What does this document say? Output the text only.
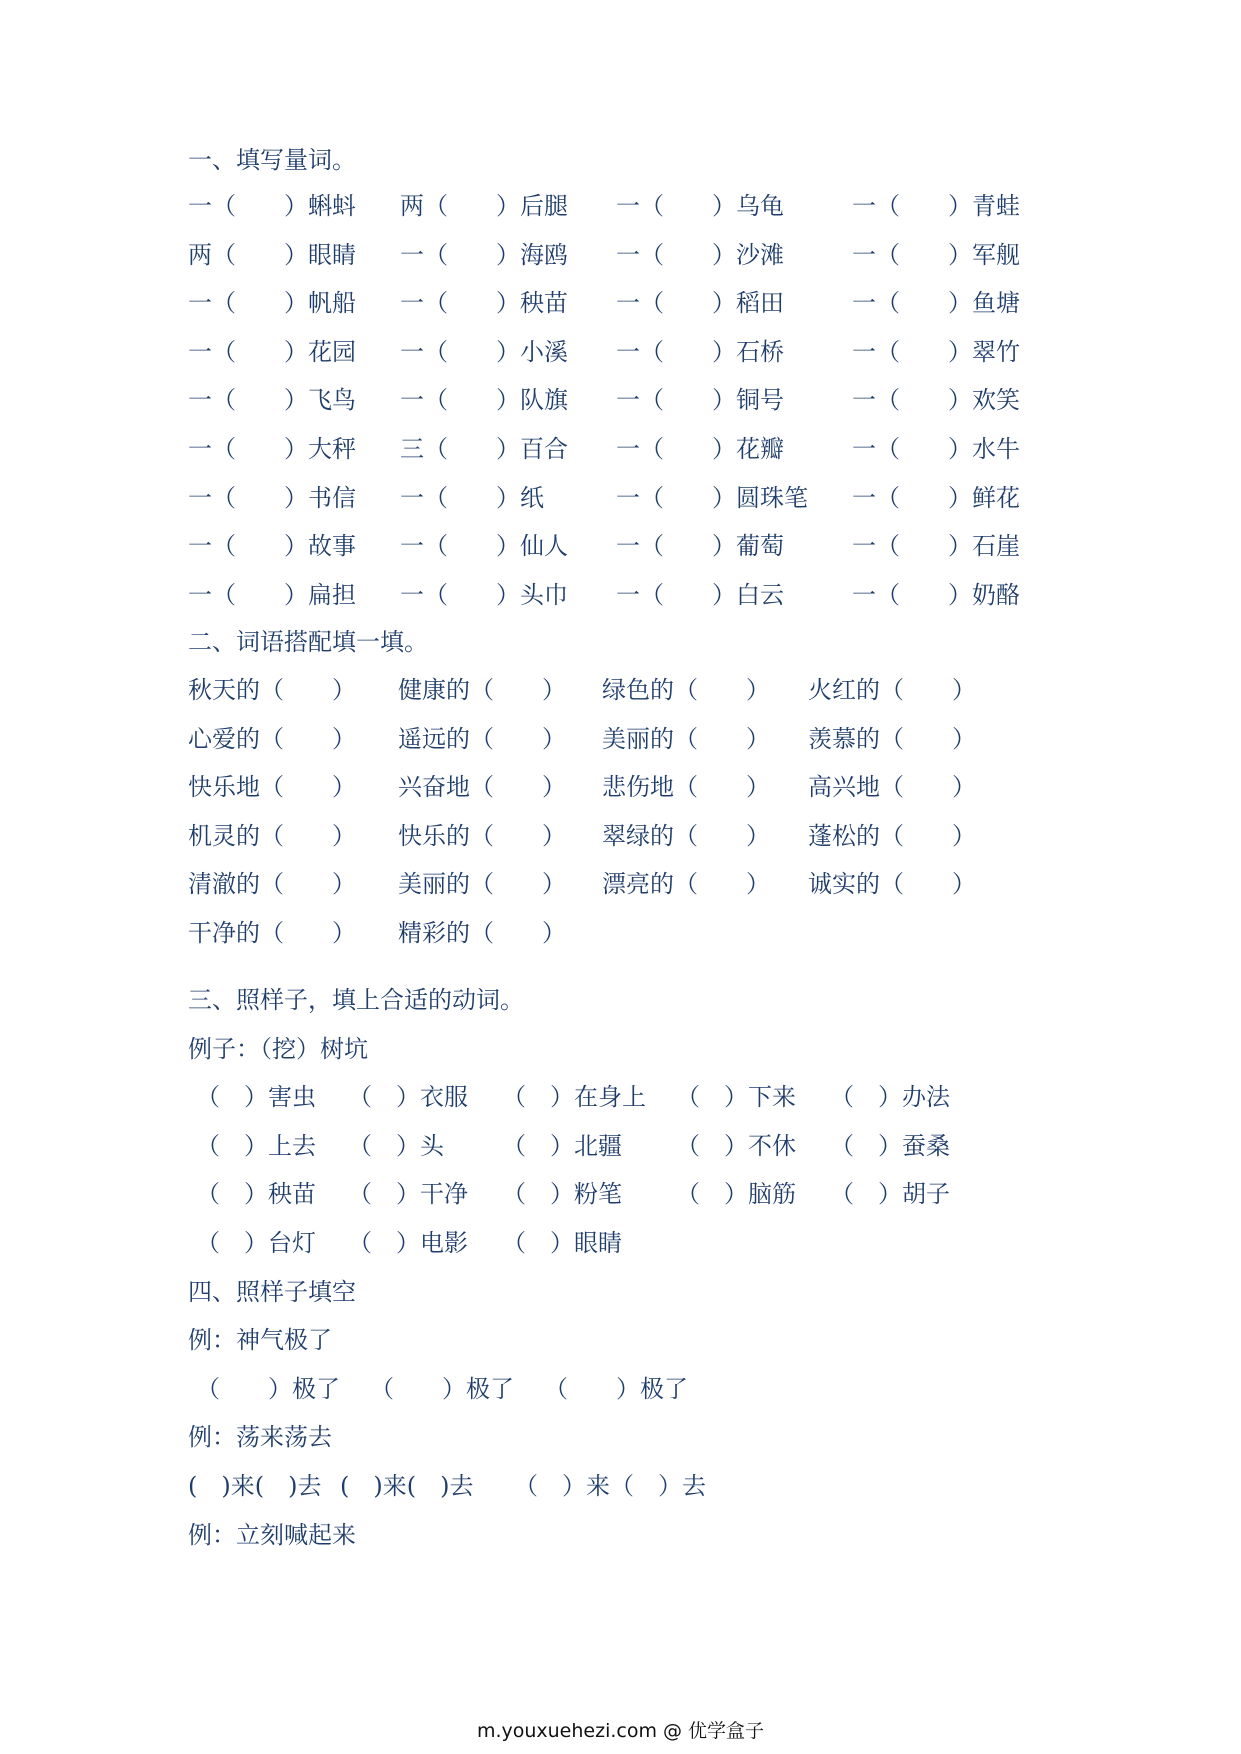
一、填写量词。
一（　　）蝌蚪 两（　　）后腿 一（　　）乌龟	一（　　）青蛙
两（　　）眼睛 一（　　）海鸥 一（　　）沙滩	一（　　）军舰
一（　　）帆船 一（　　）秧苗 一（　　）稻田	一（　　）鱼塘
一（　　）花园 一（　　）小溪 一（　　）石桥	一（　　）翠竹
一（　　）飞鸟 一（　　）队旗 一（　　）铜号	一（　　）欢笑
一（　　）大秤 三（　　）百合 一（　　）花瓣	一（　　）水牛
一（　　）书信 一（　　）纸	一（　　）圆珠笔 一（　　）鲜花
一（　　）故事 一（　　）仙人 一（　　）葡萄	一（　　）石崖
一（　　）扁担 一（　　）头巾 一（　　）白云	一（　　）奶酪
二、词语搭配填一填。
秋天的（　　） 健康的（　　） 绿色的（　　） 火红的（　　）
心爱的（　　） 遥远的（　　） 美丽的（　　） 羡慕的（　　）
快乐地（　　） 兴奋地（　　） 悲伤地（　　） 高兴地（　　）
机灵的（　　） 快乐的（　　） 翠绿的（　　） 蓬松的（　　）
清澈的（　　） 美丽的（　　） 漂亮的（　　） 诚实的（　　）
干净的（　　） 精彩的（　　）
三、照样子，填上合适的动词。
例子：（挖）树坑
（　）害虫 （　）衣服 （　）在身上 （　）下来 （　）办法
（　）上去 （　）头 （　）北疆 （　）不休 （　）蚕桑
（　）秧苗 （　）干净 （　）粉笔 （　）脑筋 （　）胡子
（　）台灯 （　）电影 （　）眼睛
四、照样子填空
例：神气极了
（　　）极了 （　　）极了 （　　）极了
例：荡来荡去
(　)来(　)去 (　)来(　)去 （　）来（　）去
例：立刻喊起来
m.youxuehezi.com @ 优学盒子
